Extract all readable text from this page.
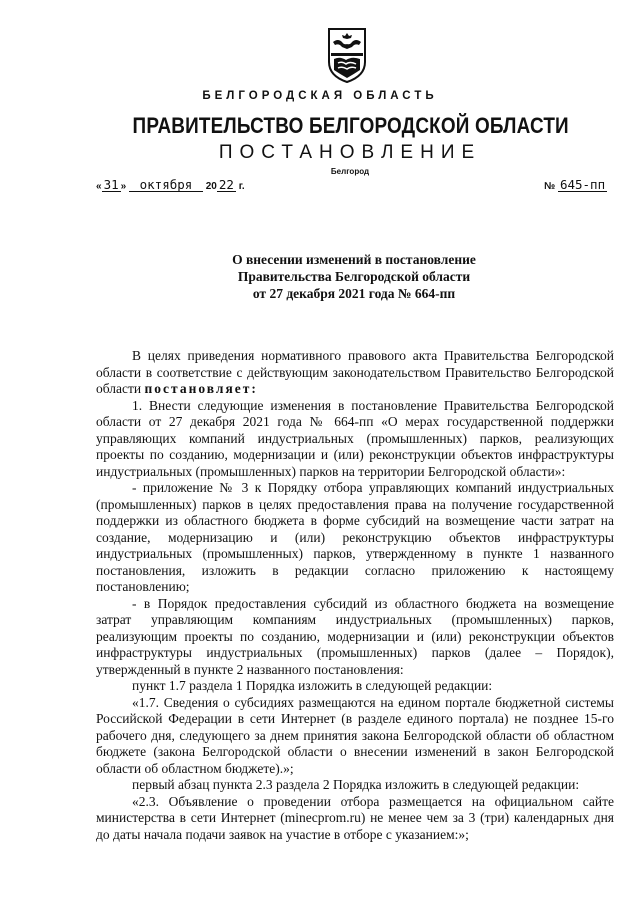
БЕЛГОРОДСКАЯ ОБЛАСТЬ
ПРАВИТЕЛЬСТВО БЕЛГОРОДСКОЙ ОБЛАСТИ
ПОСТАНОВЛЕНИЕ
Белгород
« 31 » октября 20 22 г.	№ 645-пп
О внесении изменений в постановление
Правительства Белгородской области
от 27 декабря 2021 года № 664-пп

В целях приведения нормативного правового акта Правительства Белгородской области в соответствие с действующим законодательством Правительство Белгородской области постановляет:

1. Внести следующие изменения в постановление Правительства Белгородской области от 27 декабря 2021 года № 664-пп «О мерах государственной поддержки управляющих компаний индустриальных (промышленных) парков, реализующих проекты по созданию, модернизации и (или) реконструкции объектов инфраструктуры индустриальных (промышленных) парков на территории Белгородской области»:

- приложение № 3 к Порядку отбора управляющих компаний индустриальных (промышленных) парков в целях предоставления права на получение государственной поддержки из областного бюджета в форме субсидий на возмещение части затрат на создание, модернизацию и (или) реконструкцию объектов инфраструктуры индустриальных (промышленных) парков, утвержденному в пункте 1 названного постановления, изложить в редакции согласно приложению к настоящему постановлению;

- в Порядок предоставления субсидий из областного бюджета на возмещение затрат управляющим компаниям индустриальных (промышленных) парков, реализующим проекты по созданию, модернизации и (или) реконструкции объектов инфраструктуры индустриальных (промышленных) парков (далее – Порядок), утвержденный в пункте 2 названного постановления:

пункт 1.7 раздела 1 Порядка изложить в следующей редакции:

«1.7. Сведения о субсидиях размещаются на едином портале бюджетной системы Российской Федерации в сети Интернет (в разделе единого портала) не позднее 15-го рабочего дня, следующего за днем принятия закона Белгородской области об областном бюджете (закона Белгородской области о внесении изменений в закон Белгородской области об областном бюджете).»;

первый абзац пункта 2.3 раздела 2 Порядка изложить в следующей редакции:

«2.3. Объявление о проведении отбора размещается на официальном сайте министерства в сети Интернет (minecprom.ru) не менее чем за 3 (три) календарных дня до даты начала подачи заявок на участие в отборе с указанием:»;
